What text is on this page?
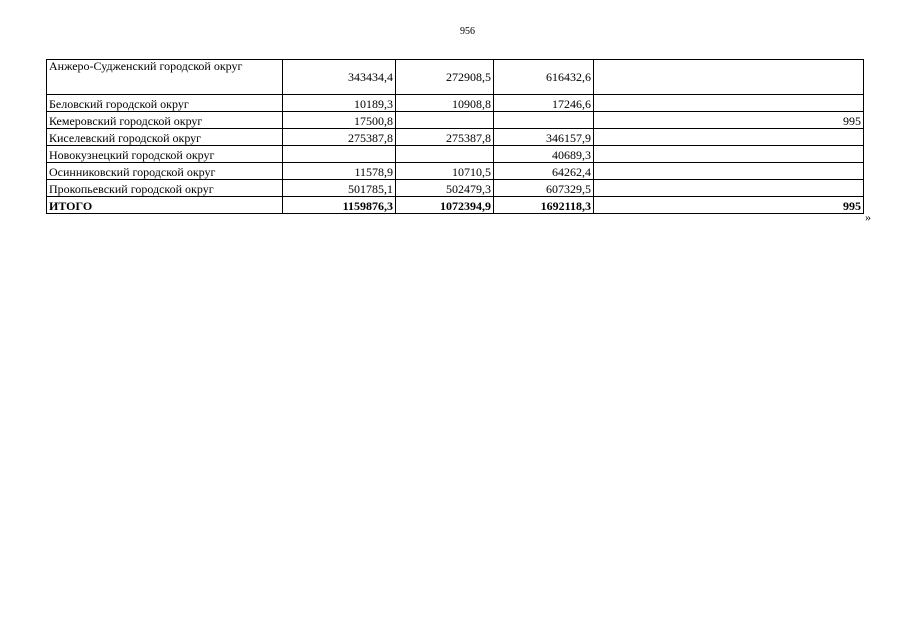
956
Анжеро-Судженский городской округ	343434,4	272908,5	616432,6	
Беловский городской округ	10189,3	10908,8	17246,6	
Кемеровский городской округ	17500,8			995
Киселевский городской округ	275387,8	275387,8	346157,9	
Новокузнецкий городской округ			40689,3	
Осинниковский городской округ	11578,9	10710,5	64262,4	
Прокопьевский городской округ	501785,1	502479,3	607329,5	
ИТОГО	1159876,3	1072394,9	1692118,3	995
»
